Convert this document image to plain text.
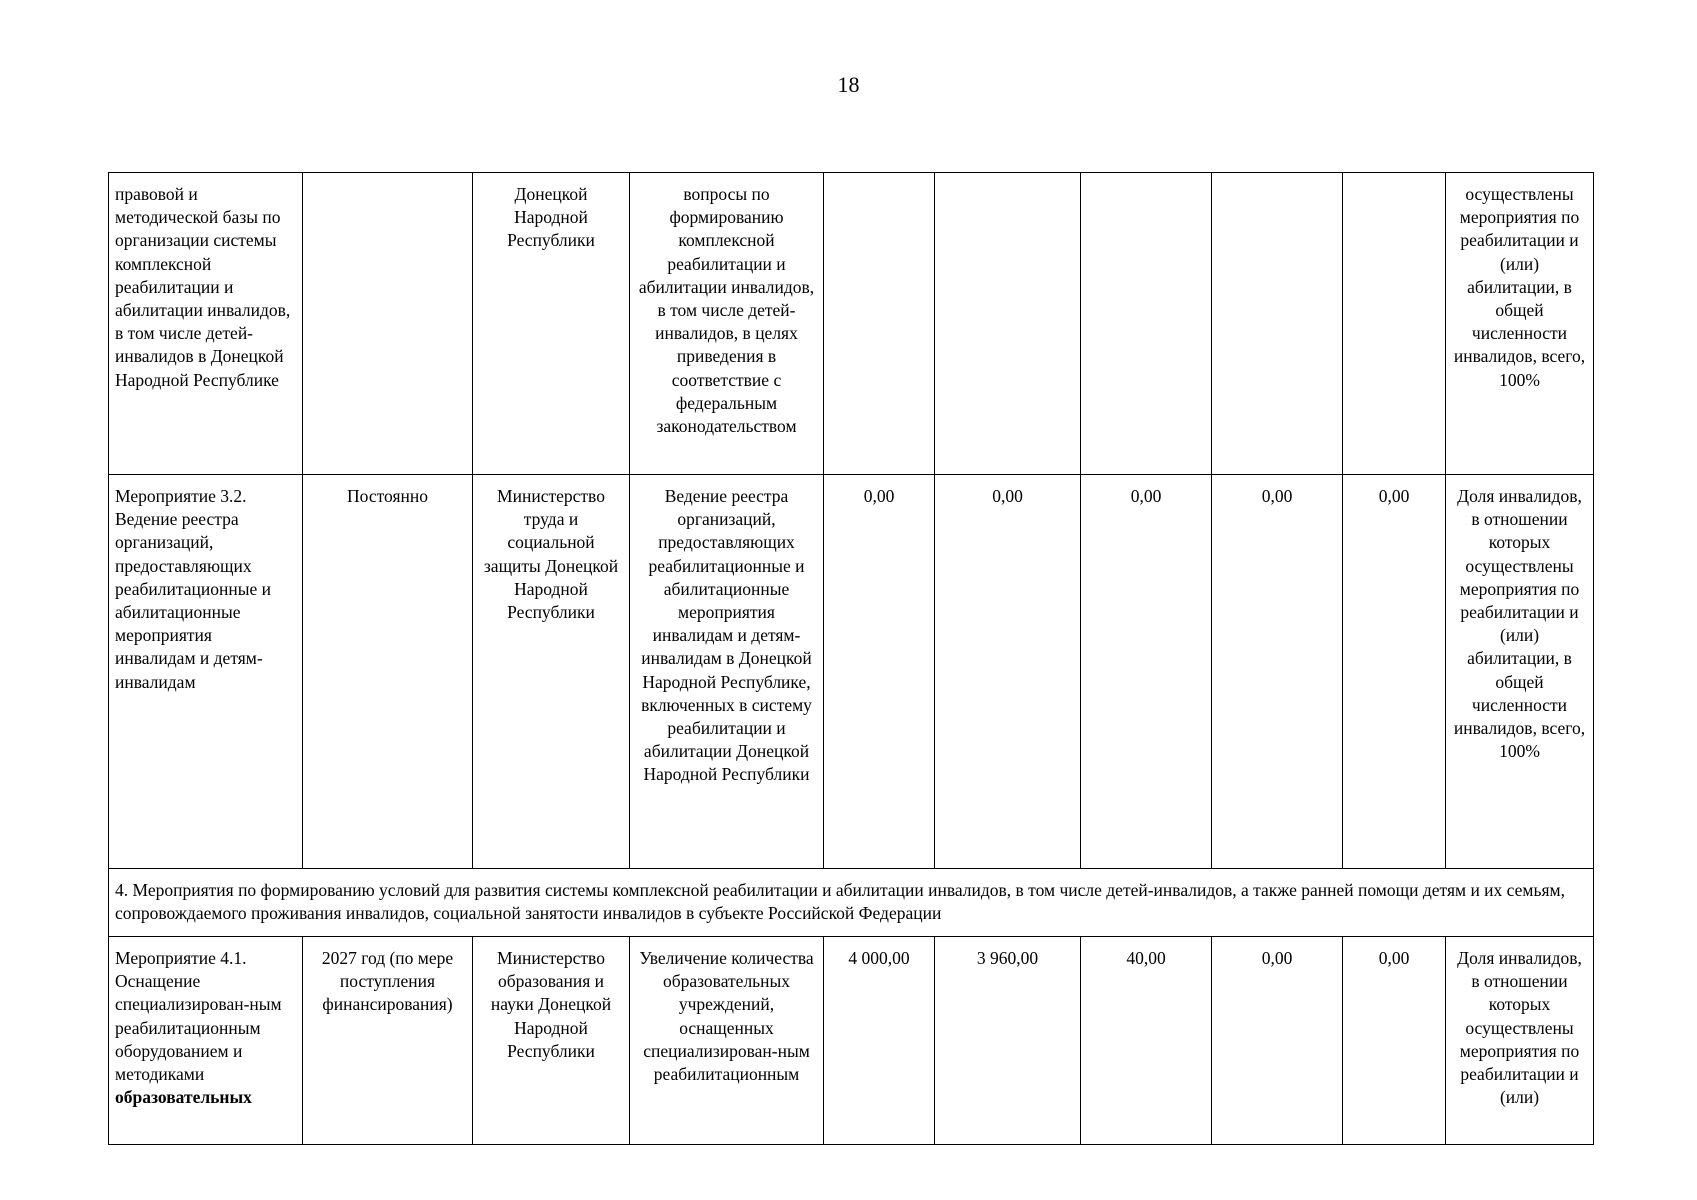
18
правовой и методической базы по организации системы комплексной реабилитации и абилитации инвалидов, в том числе детей-инвалидов в Донецкой Народной Республике		Донецкой Народной Республики	вопросы по формированию комплексной реабилитации и абилитации инвалидов, в том числе детей-инвалидов, в целях приведения в соответствие с федеральным законодательством						осуществлены мероприятия по реабилитации и (или) абилитации, в общей численности инвалидов, всего, 100%
Мероприятие 3.2. Ведение реестра организаций, предоставляющих реабилитационные и абилитационные мероприятия инвалидам и детям-инвалидам	Постоянно	Министерство труда и социальной защиты Донецкой Народной Республики	Ведение реестра организаций, предоставляющих реабилитационные и абилитационные мероприятия инвалидам и детям-инвалидам в Донецкой Народной Республике, включенных в систему реабилитации и абилитации Донецкой Народной Республики	0,00	0,00	0,00	0,00	0,00	Доля инвалидов, в отношении которых осуществлены мероприятия по реабилитации и (или) абилитации, в общей численности инвалидов, всего, 100%
4. Мероприятия по формированию условий для развития системы комплексной реабилитации и абилитации инвалидов, в том числе детей-инвалидов, а также ранней помощи детям и их семьям, сопровождаемого проживания инвалидов, социальной занятости инвалидов в субъекте Российской Федерации									
Мероприятие 4.1. Оснащение специализирован-ным реабилитационным оборудованием и методиками образовательных	2027 год (по мере поступления финансирования)	Министерство образования и науки Донецкой Народной Республики	Увеличение количества образовательных учреждений, оснащенных специализирован-ным реабилитационным	4 000,00	3 960,00	40,00	0,00	0,00	Доля инвалидов, в отношении которых осуществлены мероприятия по реабилитации и (или)
